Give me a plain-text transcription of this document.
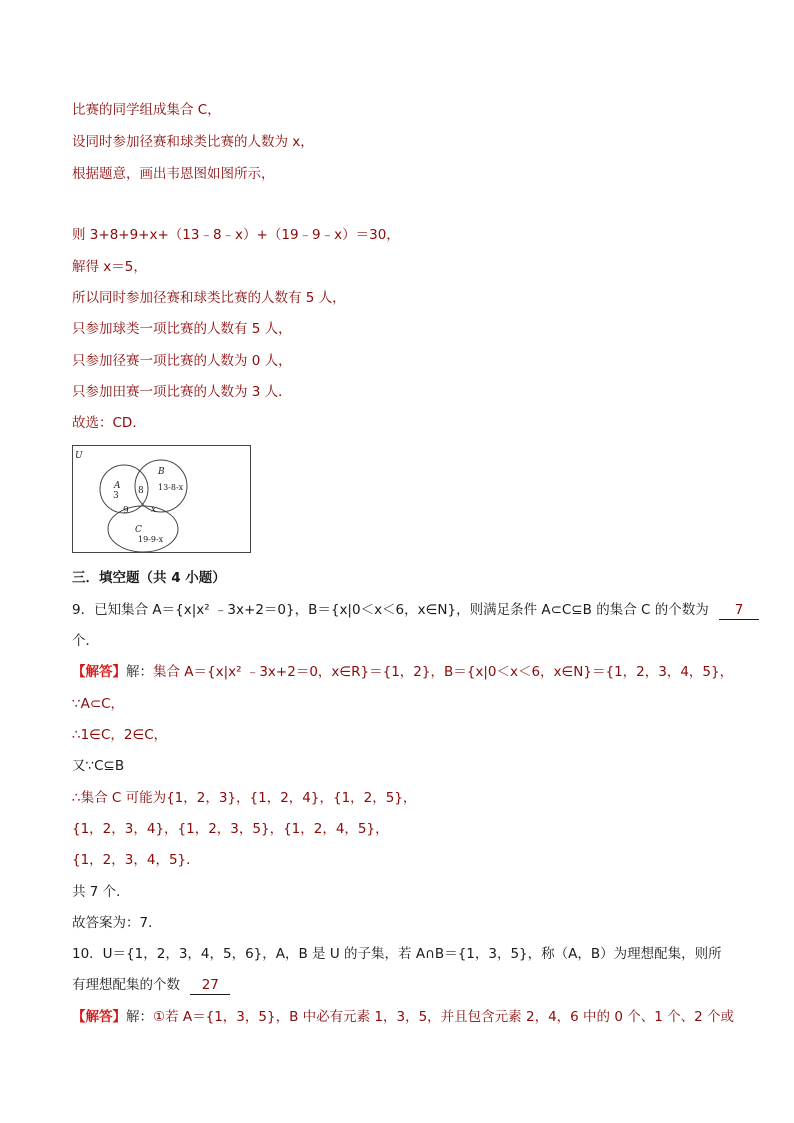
比赛的同学组成集合 C，
设同时参加径赛和球类比赛的人数为 x，
根据题意，画出韦恩图如图所示，
则 3+8+9+x+（13﹣8﹣x）+（19﹣9﹣x）＝30，
解得 x＝5，
所以同时参加径赛和球类比赛的人数有 5 人，
只参加球类一项比赛的人数有 5 人，
只参加径赛一项比赛的人数为 0 人，
只参加田赛一项比赛的人数为 3 人．
故选：CD．
U
A
3
B
13-8-x
8
9 x
C
19-9-x
三．填空题（共 4 小题）
9．已知集合 A＝{x|x² ﹣3x+2＝0}，B＝{x|0＜x＜6，x∈N}，则满足条件 A⊂C⊆B 的集合 C 的个数为 7
个．
【解答】解：集合 A＝{x|x² ﹣3x+2＝0，x∈R}＝{1，2}，B＝{x|0＜x＜6，x∈N}＝{1，2，3，4，5}，
∵A⊂C，
∴1∈C，2∈C，
又∵C⊆B
∴集合 C 可能为{1，2，3}，{1，2，4}，{1，2，5}，
{1，2，3，4}，{1，2，3，5}，{1，2，4，5}，
{1，2，3，4，5}．
共 7 个．
故答案为：7．
10．U＝{1，2，3，4，5，6}，A，B 是 U 的子集，若 A∩B＝{1，3，5}，称（A，B）为理想配集，则所
有理想配集的个数 27
【解答】解：①若 A＝{1，3，5}，B 中必有元素 1，3，5，并且包含元素 2，4，6 中的 0 个、1 个、2 个或
